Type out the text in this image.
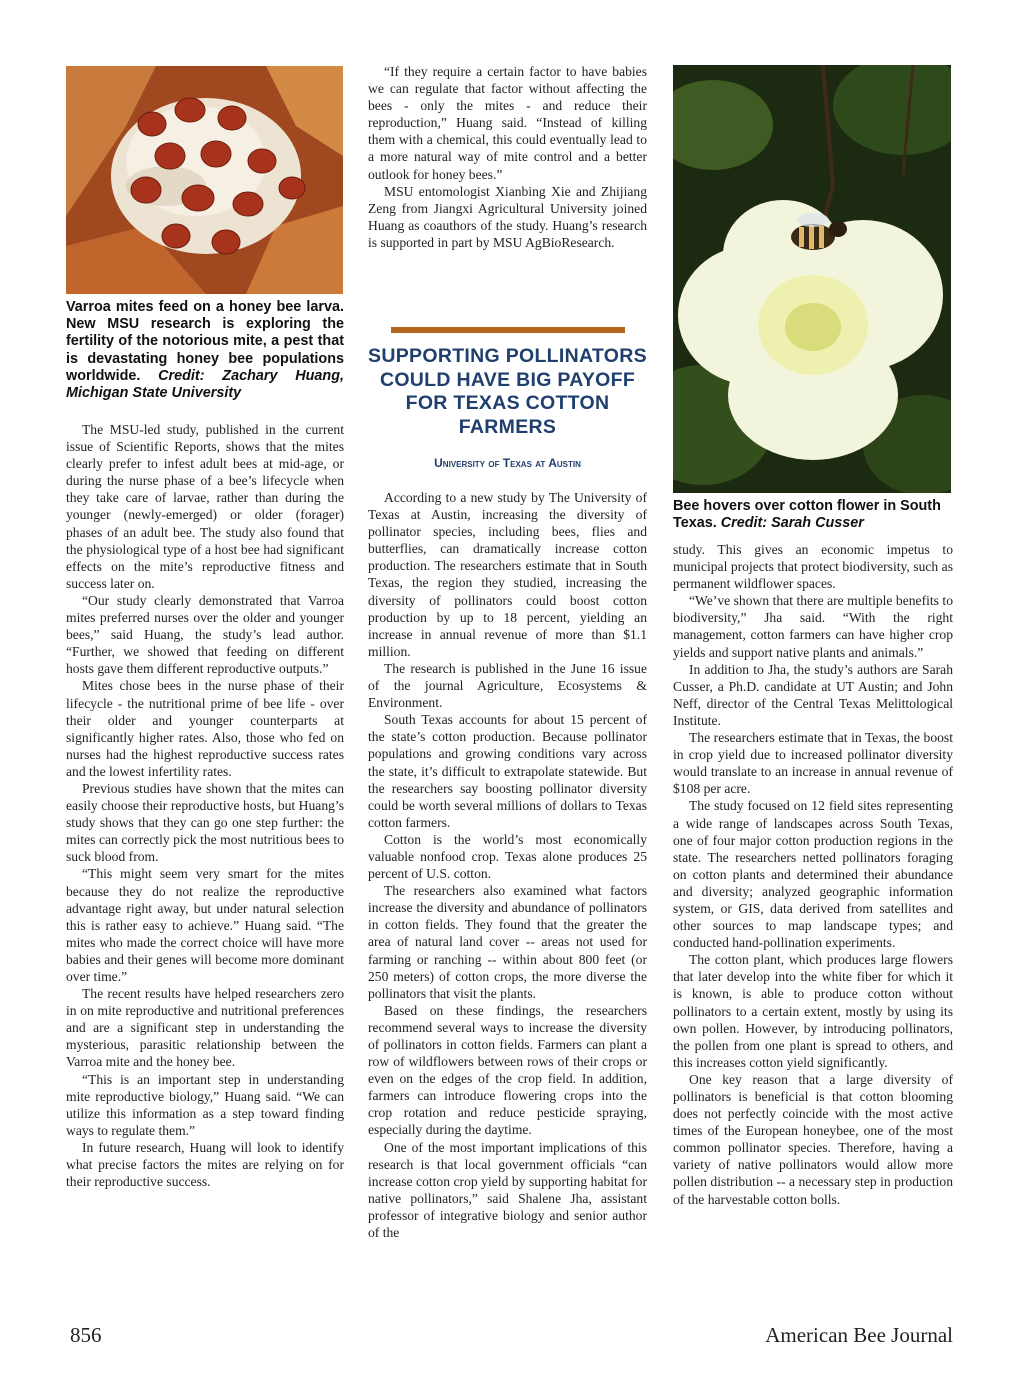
Varroa mites feed on a honey bee larva. New MSU research is exploring the fertility of the notorious mite, a pest that is devastating honey bee populations worldwide. Credit: Zachary Huang, Michigan State University

The MSU-led study, published in the current issue of Scientific Reports, shows that the mites clearly prefer to infest adult bees at mid-age, or during the nurse phase of a bee’s lifecycle when they take care of larvae, rather than during the younger (newly-emerged) or older (forager) phases of an adult bee. The study also found that the physiological type of a host bee had significant effects on the mite’s reproductive fitness and success later on.

“Our study clearly demonstrated that Varroa mites preferred nurses over the older and younger bees,” said Huang, the study’s lead author. “Further, we showed that feeding on different hosts gave them different reproductive outputs.”

Mites chose bees in the nurse phase of their lifecycle - the nutritional prime of bee life - over their older and younger counterparts at significantly higher rates. Also, those who fed on nurses had the highest reproductive success rates and the lowest infertility rates.

Previous studies have shown that the mites can easily choose their reproductive hosts, but Huang’s study shows that they can go one step further: the mites can correctly pick the most nutritious bees to suck blood from.

“This might seem very smart for the mites because they do not realize the reproductive advantage right away, but under natural selection this is rather easy to achieve.” Huang said. “The mites who made the correct choice will have more babies and their genes will become more dominant over time.”

The recent results have helped researchers zero in on mite reproductive and nutritional preferences and are a significant step in understanding the mysterious, parasitic relationship between the Varroa mite and the honey bee.

“This is an important step in understanding mite reproductive biology,” Huang said. “We can utilize this information as a step toward finding ways to regulate them.”

In future research, Huang will look to identify what precise factors the mites are relying on for their reproductive success.

“If they require a certain factor to have babies we can regulate that factor without affecting the bees - only the mites - and reduce their reproduction,” Huang said. “Instead of killing them with a chemical, this could eventually lead to a more natural way of mite control and a better outlook for honey bees.”

MSU entomologist Xianbing Xie and Zhijiang Zeng from Jiangxi Agricultural University joined Huang as coauthors of the study. Huang’s research is supported in part by MSU AgBioResearch.

SUPPORTING POLLINATORS COULD HAVE BIG PAYOFF FOR TEXAS COTTON FARMERS
University of Texas at Austin

According to a new study by The University of Texas at Austin, increasing the diversity of pollinator species, including bees, flies and butterflies, can dramatically increase cotton production. The researchers estimate that in South Texas, the region they studied, increasing the diversity of pollinators could boost cotton production by up to 18 percent, yielding an increase in annual revenue of more than $1.1 million.

The research is published in the June 16 issue of the journal Agriculture, Ecosystems & Environment.

South Texas accounts for about 15 percent of the state’s cotton production. Because pollinator populations and growing conditions vary across the state, it’s difficult to extrapolate statewide. But the researchers say boosting pollinator diversity could be worth several millions of dollars to Texas cotton farmers.

Cotton is the world’s most economically valuable nonfood crop. Texas alone produces 25 percent of U.S. cotton.

The researchers also examined what factors increase the diversity and abundance of pollinators in cotton fields. They found that the greater the area of natural land cover -- areas not used for farming or ranching -- within about 800 feet (or 250 meters) of cotton crops, the more diverse the pollinators that visit the plants.

Based on these findings, the researchers recommend several ways to increase the diversity of pollinators in cotton fields. Farmers can plant a row of wildflowers between rows of their crops or even on the edges of the crop field. In addition, farmers can introduce flowering crops into the crop rotation and reduce pesticide spraying, especially during the daytime.

One of the most important implications of this research is that local government officials “can increase cotton crop yield by supporting habitat for native pollinators,” said Shalene Jha, assistant professor of integrative biology and senior author of the

Bee hovers over cotton flower in South Texas. Credit: Sarah Cusser

study. This gives an economic impetus to municipal projects that protect biodiversity, such as permanent wildflower spaces.

“We’ve shown that there are multiple benefits to biodiversity,” Jha said. “With the right management, cotton farmers can have higher crop yields and support native plants and animals.”

In addition to Jha, the study’s authors are Sarah Cusser, a Ph.D. candidate at UT Austin; and John Neff, director of the Central Texas Melittological Institute.

The researchers estimate that in Texas, the boost in crop yield due to increased pollinator diversity would translate to an increase in annual revenue of $108 per acre.

The study focused on 12 field sites representing a wide range of landscapes across South Texas, one of four major cotton production regions in the state. The researchers netted pollinators foraging on cotton plants and determined their abundance and diversity; analyzed geographic information system, or GIS, data derived from satellites and other sources to map landscape types; and conducted hand-pollination experiments.

The cotton plant, which produces large flowers that later develop into the white fiber for which it is known, is able to produce cotton without pollinators to a certain extent, mostly by using its own pollen. However, by introducing pollinators, the pollen from one plant is spread to others, and this increases cotton yield significantly.

One key reason that a large diversity of pollinators is beneficial is that cotton blooming does not perfectly coincide with the most active times of the European honeybee, one of the most common pollinator species. Therefore, having a variety of native pollinators would allow more pollen distribution -- a necessary step in production of the harvestable cotton bolls.

856	American Bee Journal
